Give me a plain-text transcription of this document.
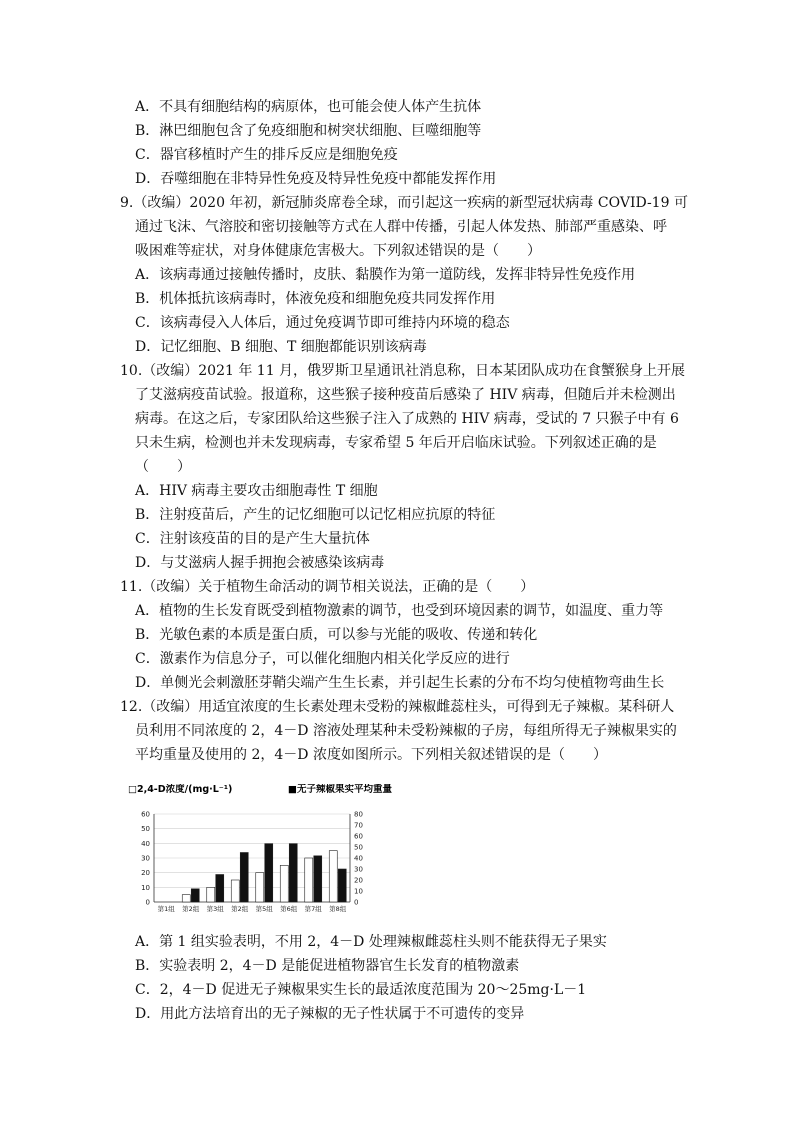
A．不具有细胞结构的病原体，也可能会使人体产生抗体
B．淋巴细胞包含了免疫细胞和树突状细胞、巨噬细胞等
C．器官移植时产生的排斥反应是细胞免疫
D．吞噬细胞在非特异性免疫及特异性免疫中都能发挥作用
9.（改编）2020 年初，新冠肺炎席卷全球，而引起这一疾病的新型冠状病毒 COVID-19 可
通过飞沫、气溶胶和密切接触等方式在人群中传播，引起人体发热、肺部严重感染、呼
吸困难等症状，对身体健康危害极大。下列叙述错误的是（　　）
A．该病毒通过接触传播时，皮肤、黏膜作为第一道防线，发挥非特异性免疫作用
B．机体抵抗该病毒时，体液免疫和细胞免疫共同发挥作用
C．该病毒侵入人体后，通过免疫调节即可维持内环境的稳态
D．记忆细胞、B 细胞、T 细胞都能识别该病毒
10.（改编）2021 年 11 月，俄罗斯卫星通讯社消息称，日本某团队成功在食蟹猴身上开展
了艾滋病疫苗试验。报道称，这些猴子接种疫苗后感染了 HIV 病毒，但随后并未检测出
病毒。在这之后，专家团队给这些猴子注入了成熟的 HIV 病毒，受试的 7 只猴子中有 6
只未生病，检测也并未发现病毒，专家希望 5 年后开启临床试验。下列叙述正确的是
（　　）
A．HIV 病毒主要攻击细胞毒性 T 细胞
B．注射疫苗后，产生的记忆细胞可以记忆相应抗原的特征
C．注射该疫苗的目的是产生大量抗体
D．与艾滋病人握手拥抱会被感染该病毒
11.（改编）关于植物生命活动的调节相关说法，正确的是（　　）
A．植物的生长发育既受到植物激素的调节，也受到环境因素的调节，如温度、重力等
B．光敏色素的本质是蛋白质，可以参与光能的吸收、传递和转化
C．激素作为信息分子，可以催化细胞内相关化学反应的进行
D．单侧光会刺激胚芽鞘尖端产生生长素，并引起生长素的分布不均匀使植物弯曲生长
12.（改编）用适宜浓度的生长素处理未受粉的辣椒雌蕊柱头，可得到无子辣椒。某科研人
员利用不同浓度的 2，4－D 溶液处理某种未受粉辣椒的子房，每组所得无子辣椒果实的
平均重量及使用的 2，4－D 浓度如图所示。下列相关叙述错误的是（　　）
A．第 1 组实验表明，不用 2，4－D 处理辣椒雌蕊柱头则不能获得无子果实
B．实验表明 2，4－D 是能促进植物器官生长发育的植物激素
C．2，4－D 促进无子辣椒果实生长的最适浓度范围为 20～25mg·L－1
D．用此方法培育出的无子辣椒的无子性状属于不可遗传的变异
□2,4-D浓度/(mg·L⁻¹)	■无子辣椒果实平均重量
0
10
20
30
40
50
60
0
10
20
30
40
50
60
70
80
第1组 第2组 第3组 第2组 第5组 第6组 第7组 第8组
